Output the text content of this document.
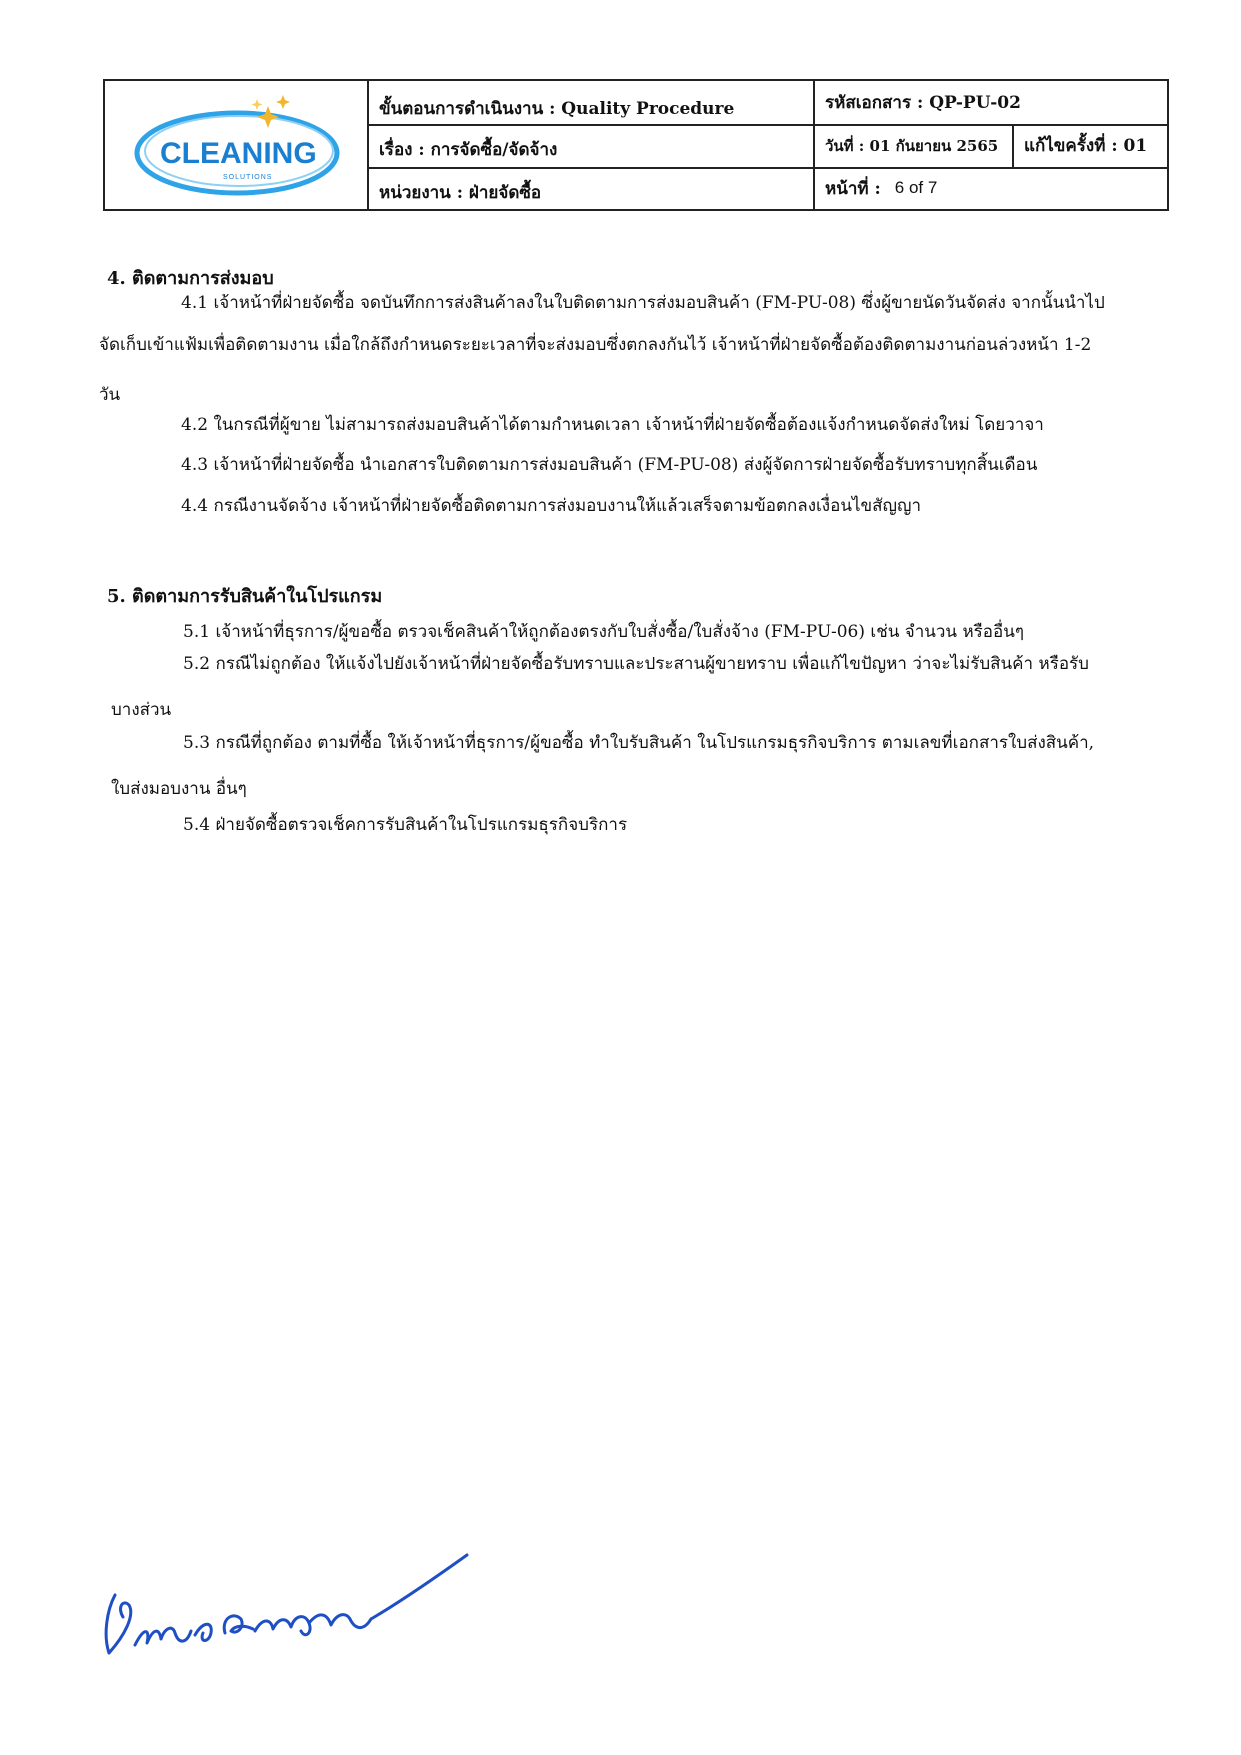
CLEANING
SOLUTIONS
ขั้นตอนการดำเนินงาน : Quality Procedure
เรื่อง : การจัดซื้อ/จัดจ้าง
หน่วยงาน : ฝ่ายจัดซื้อ
รหัสเอกสาร : QP-PU-02
วันที่ : 01 กันยายน 2565	แก้ไขครั้งที่ : 01
หน้าที่ : 6 of 7
4. ติดตามการส่งมอบ
4.1 เจ้าหน้าที่ฝ่ายจัดซื้อ จดบันทึกการส่งสินค้าลงในใบติดตามการส่งมอบสินค้า (FM-PU-08) ซึ่งผู้ขายนัดวันจัดส่ง จากนั้นนำไป
จัดเก็บเข้าแฟ้มเพื่อติดตามงาน เมื่อใกล้ถึงกำหนดระยะเวลาที่จะส่งมอบซึ่งตกลงกันไว้ เจ้าหน้าที่ฝ่ายจัดซื้อต้องติดตามงานก่อนล่วงหน้า 1-2
วัน
4.2 ในกรณีที่ผู้ขาย ไม่สามารถส่งมอบสินค้าได้ตามกำหนดเวลา เจ้าหน้าที่ฝ่ายจัดซื้อต้องแจ้งกำหนดจัดส่งใหม่ โดยวาจา
4.3 เจ้าหน้าที่ฝ่ายจัดซื้อ นำเอกสารใบติดตามการส่งมอบสินค้า (FM-PU-08) ส่งผู้จัดการฝ่ายจัดซื้อรับทราบทุกสิ้นเดือน
4.4 กรณีงานจัดจ้าง เจ้าหน้าที่ฝ่ายจัดซื้อติดตามการส่งมอบงานให้แล้วเสร็จตามข้อตกลงเงื่อนไขสัญญา
5. ติดตามการรับสินค้าในโปรแกรม
5.1 เจ้าหน้าที่ธุรการ/ผู้ขอซื้อ ตรวจเช็คสินค้าให้ถูกต้องตรงกับใบสั่งซื้อ/ใบสั่งจ้าง (FM-PU-06) เช่น จำนวน หรืออื่นๆ
5.2 กรณีไม่ถูกต้อง ให้แจ้งไปยังเจ้าหน้าที่ฝ่ายจัดซื้อรับทราบและประสานผู้ขายทราบ เพื่อแก้ไขปัญหา ว่าจะไม่รับสินค้า หรือรับ
บางส่วน
5.3 กรณีที่ถูกต้อง ตามที่ซื้อ ให้เจ้าหน้าที่ธุรการ/ผู้ขอซื้อ ทำใบรับสินค้า ในโปรแกรมธุรกิจบริการ ตามเลขที่เอกสารใบส่งสินค้า,
ใบส่งมอบงาน อื่นๆ
5.4 ฝ่ายจัดซื้อตรวจเช็คการรับสินค้าในโปรแกรมธุรกิจบริการ
